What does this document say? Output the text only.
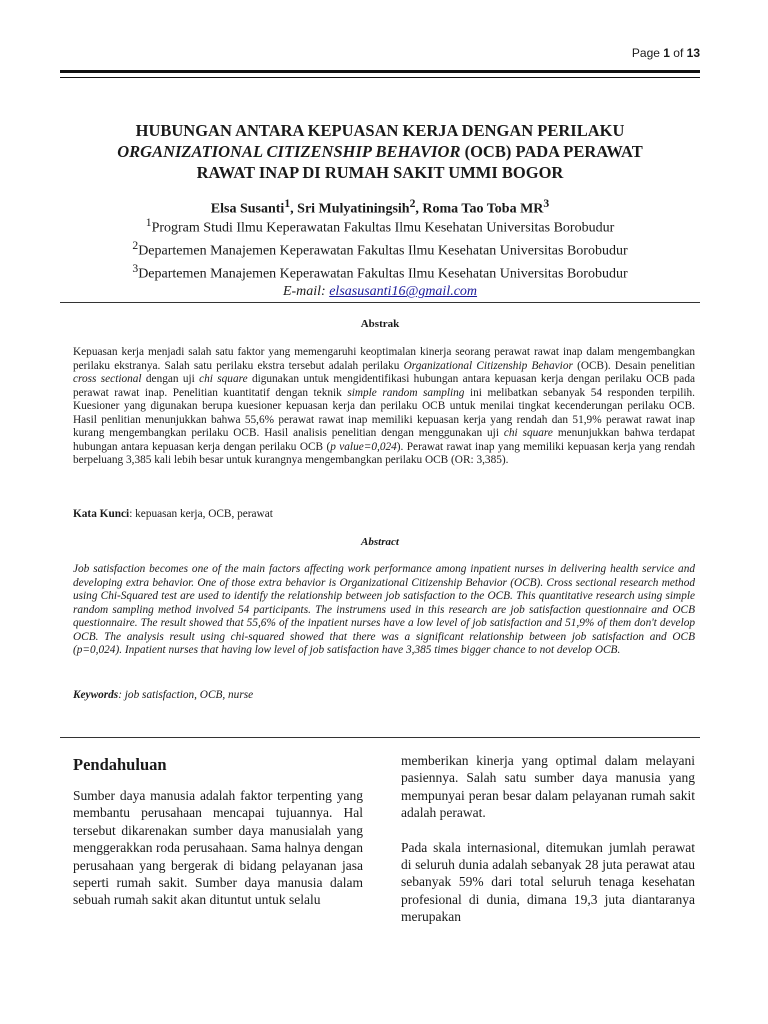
Page 1 of 13
HUBUNGAN ANTARA KEPUASAN KERJA DENGAN PERILAKU
ORGANIZATIONAL CITIZENSHIP BEHAVIOR (OCB) PADA PERAWAT
RAWAT INAP DI RUMAH SAKIT UMMI BOGOR
Elsa Susanti$^1$, Sri Mulyatiningsih$^2$, Roma Tao Toba $MR^3$
$^1$Program Studi Ilmu Keperawatan Fakultas Ilmu Kesehatan Universitas Borobudur
$^2$Departemen Manajemen Keperawatan Fakultas Ilmu Kesehatan Universitas Borobudur
$^3$Departemen Manajemen Keperawatan Fakultas Ilmu Kesehatan Universitas Borobudur
E-mail: elsasusanti16@gmail.com
Abstrak
Kepuasan kerja menjadi salah satu faktor yang memengaruhi keoptimalan kinerja seorang perawat rawat inap dalam mengembangkan perilaku ekstranya. Salah satu perilaku ekstra tersebut adalah perilaku Organizational Citizenship Behavior (OCB). Desain penelitian cross sectional dengan uji chi square digunakan untuk mengidentifikasi hubungan antara kepuasan kerja dengan perilaku OCB pada perawat rawat inap. Penelitian kuantitatif dengan teknik simple random sampling ini melibatkan sebanyak 54 responden terpilih. Kuesioner yang digunakan berupa kuesioner kepuasan kerja dan perilaku OCB untuk menilai tingkat kecenderungan perilaku OCB. Hasil penlitian menunjukkan bahwa 55,6% perawat rawat inap memiliki kepuasan kerja yang rendah dan 51,9% perawat rawat inap kurang mengembangkan perilaku OCB. Hasil analisis penelitian dengan menggunakan uji chi square menunjukkan bahwa terdapat hubungan antara kepuasan kerja dengan perilaku OCB (p value=0,024). Perawat rawat inap yang memiliki kepuasan kerja yang rendah berpeluang 3,385 kali lebih besar untuk kurangnya mengembangkan perilaku OCB (OR: 3,385).
Kata Kunci: kepuasan kerja, OCB, perawat
Abstract
Job satisfaction becomes one of the main factors affecting work performance among inpatient nurses in delivering health service and developing extra behavior. One of those extra behavior is Organizational Citizenship Behavior (OCB). Cross sectional research method using Chi-Squared test are used to identify the relationship between job satisfaction to the OCB. This quantitative research using simple random sampling method involved 54 participants. The instrumens used in this research are job satisfaction questionnaire and OCB questionnaire. The result showed that 55,6% of the inpatient nurses have a low level of job satisfaction and 51,9% of them don't develop OCB. The analysis result using chi-squared showed that there was a significant relationship between job satisfaction and OCB (p=0,024). Inpatient nurses that having low level of job satisfaction have 3,385 times bigger chance to not develop OCB.
Keywords: job satisfaction, OCB, nurse
Pendahuluan

Sumber daya manusia adalah faktor terpenting yang membantu perusahaan mencapai tujuannya. Hal tersebut dikarenakan sumber daya manusialah yang menggerakkan roda perusahaan. Sama halnya dengan perusahaan yang bergerak di bidang pelayanan jasa seperti rumah sakit. Sumber daya manusia dalam sebuah rumah sakit akan dituntut untuk selalu

memberikan kinerja yang optimal dalam melayani pasiennya. Salah satu sumber daya manusia yang mempunyai peran besar dalam pelayanan rumah sakit adalah perawat.

Pada skala internasional, ditemukan jumlah perawat di seluruh dunia adalah sebanyak 28 juta perawat atau sebanyak 59% dari total seluruh tenaga kesehatan profesional di dunia, dimana 19,3 juta diantaranya merupakan
